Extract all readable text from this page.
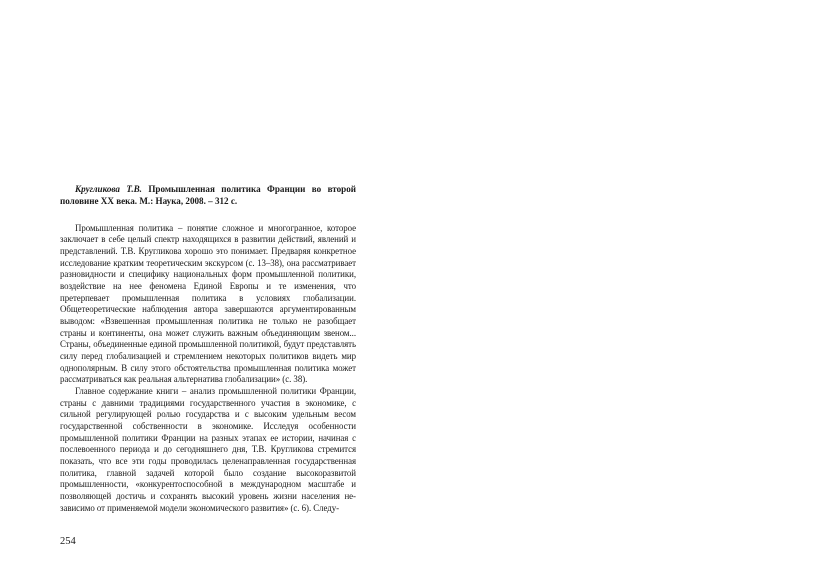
Кругликова Т.В. Промышленная политика Франции во второй половине XX века. М.: Наука, 2008. – 312 с.

Промышленная политика – понятие сложное и многогранное, которое заключает в себе целый спектр находящихся в развитии действий, явлений и представлений. Т.В. Кругликова хорошо это понимает. Предваряя конкретное исследование кратким теоретическим экскурсом (с. 13–38), она рассматривает разновидности и специфику национальных форм промышленной политики, воздействие на нее феномена Единой Европы и те изменения, что претерпевает промышленная политика в условиях глобализации. Общетеоретические наблюдения автора завершаются аргументированным выводом: «Взвешенная промышленная политика не только не разобщает страны и континенты, она может служить важным объединяющим звеном... Страны, объединенные единой промышленной политикой, будут представлять силу перед глобализацией и стремлением некоторых политиков видеть мир однополярным. В силу этого обстоятельства промышленная политика может рассматриваться как реальная альтернатива глобализации» (с. 38).

Главное содержание книги – анализ промышленной политики Франции, страны с давними традициями государственного участия в экономике, с сильной регулирующей ролью государства и с высоким удельным весом государственной собственности в экономике. Исследуя особенности промышленной политики Франции на разных этапах ее истории, начиная с послевоенного периода и до сегодняшнего дня, Т.В. Кругликова стремится показать, что все эти годы проводилась целенаправленная государственная политика, главной задачей которой было создание высокоразвитой промышленности, «конкурентоспособной в международном масштабе и позволяющей достичь и сохранять высокий уровень жизни населения независимо от применяемой модели экономического развития» (с. 6). Следу-

254
